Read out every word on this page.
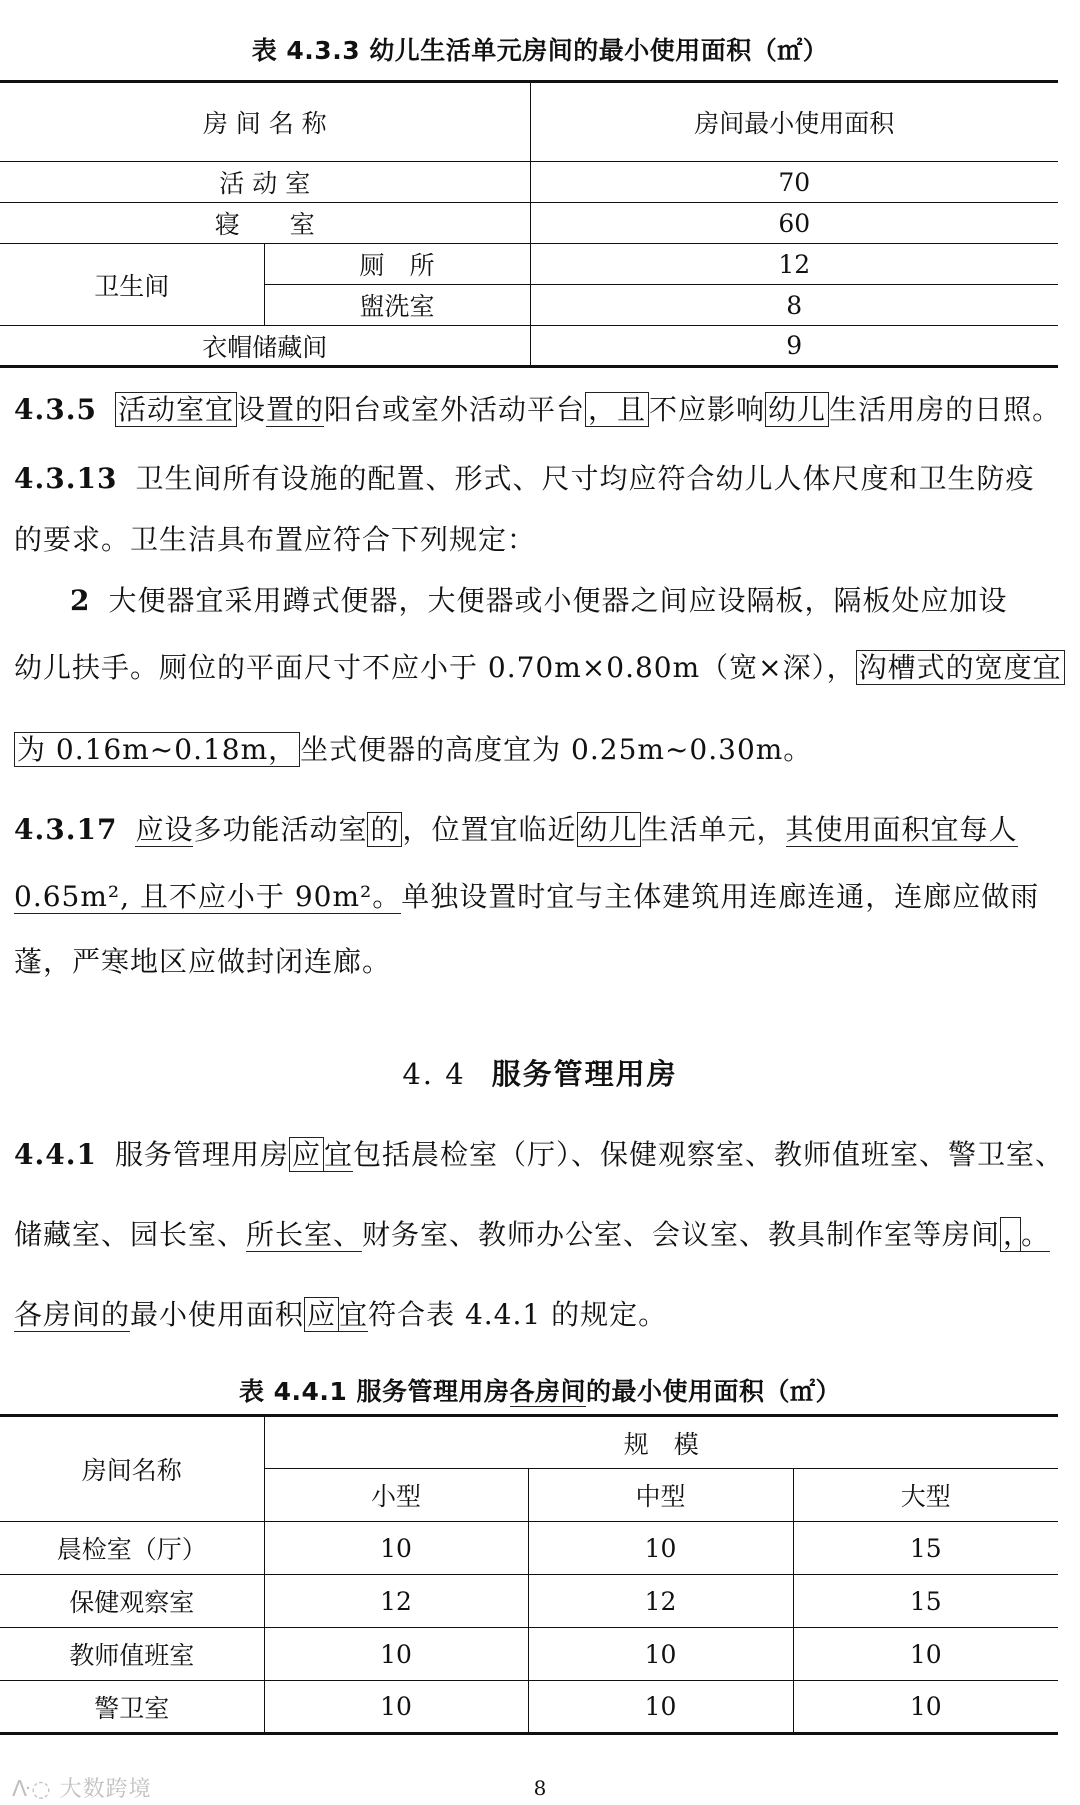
表 4.3.3 幼儿生活单元房间的最小使用面积（㎡）
房 间 名 称		房间最小使用面积
活 动 室		70
寝　　室		60
卫生间	厕　所	12
	盥洗室	8
衣帽储藏间		9
4.3.5 活动室宜 设置的阳台或室外活动平台 ，且 不应影响 幼儿 生活用房的日照。
4.3.13 卫生间所有设施的配置、形式、尺寸均应符合幼儿人体尺度和卫生防疫
的要求。卫生洁具布置应符合下列规定：
2 大便器宜采用蹲式便器，大便器或小便器之间应设隔板，隔板处应加设
幼儿扶手。厕位的平面尺寸不应小于 0.70m×0.80m（宽×深）， 沟槽式的宽度宜
为 0.16m~0.18m， 坐式便器的高度宜为 0.25m~0.30m。
4.3.17 应设多功能活动室 的 ，位置宜临近 幼儿 生活单元，其使用面积宜每人
0.65m², 且不应小于 90m²。单独设置时宜与主体建筑用连廊连通，连廊应做雨
蓬，严寒地区应做封闭连廊。
4. 4 服务管理用房
4.4.1 服务管理用房 应 宜包括晨检室（厅）、保健观察室、教师值班室、警卫室、
储藏室、园长室、所长室、财务室、教师办公室、会议室、教具制作室等房间 ， 。
各房间的最小使用面积 应 宜符合表 4.4.1 的规定。
表 4.4.1 服务管理用房各房间的最小使用面积（㎡）
房间名称	规　模		
	小型	中型	大型
晨检室（厅）	10	10	15
保健观察室	12	12	15
教师值班室	10	10	10
警卫室	10	10	10
ᐽ◌ 大数跨境	8
